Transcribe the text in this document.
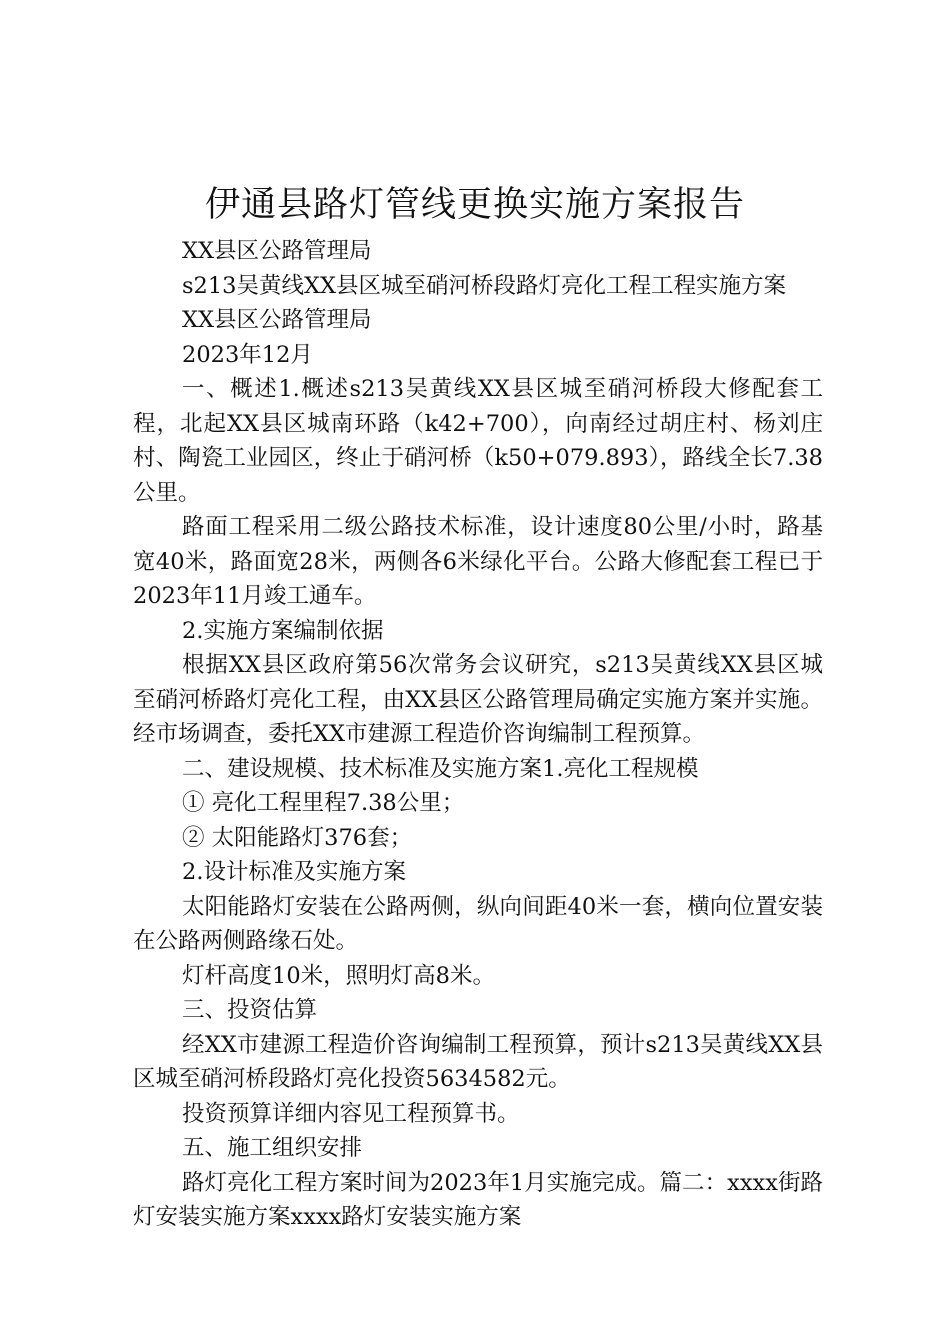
伊通县路灯管线更换实施方案报告

XX县区公路管理局

s213吴黄线XX县区城至硝河桥段路灯亮化工程工程实施方案

XX县区公路管理局

2023年12月

一、概述1.概述s213吴黄线XX县区城至硝河桥段大修配套工程，北起XX县区城南环路（k42+700），向南经过胡庄村、杨刘庄村、陶瓷工业园区，终止于硝河桥（k50+079.893），路线全长7.38公里。

路面工程采用二级公路技术标准，设计速度80公里/小时，路基宽40米，路面宽28米，两侧各6米绿化平台。公路大修配套工程已于2023年11月竣工通车。

2.实施方案编制依据

根据XX县区政府第56次常务会议研究，s213吴黄线XX县区城至硝河桥路灯亮化工程，由XX县区公路管理局确定实施方案并实施。经市场调查，委托XX市建源工程造价咨询编制工程预算。

二、建设规模、技术标准及实施方案1.亮化工程规模

① 亮化工程里程7.38公里；

② 太阳能路灯376套；

2.设计标准及实施方案

太阳能路灯安装在公路两侧，纵向间距40米一套，横向位置安装在公路两侧路缘石处。

灯杆高度10米，照明灯高8米。

三、投资估算

经XX市建源工程造价咨询编制工程预算，预计s213吴黄线XX县区城至硝河桥段路灯亮化投资5634582元。

投资预算详细内容见工程预算书。

五、施工组织安排

路灯亮化工程方案时间为2023年1月实施完成。篇二：xxxx街路灯安装实施方案xxxx路灯安装实施方案
